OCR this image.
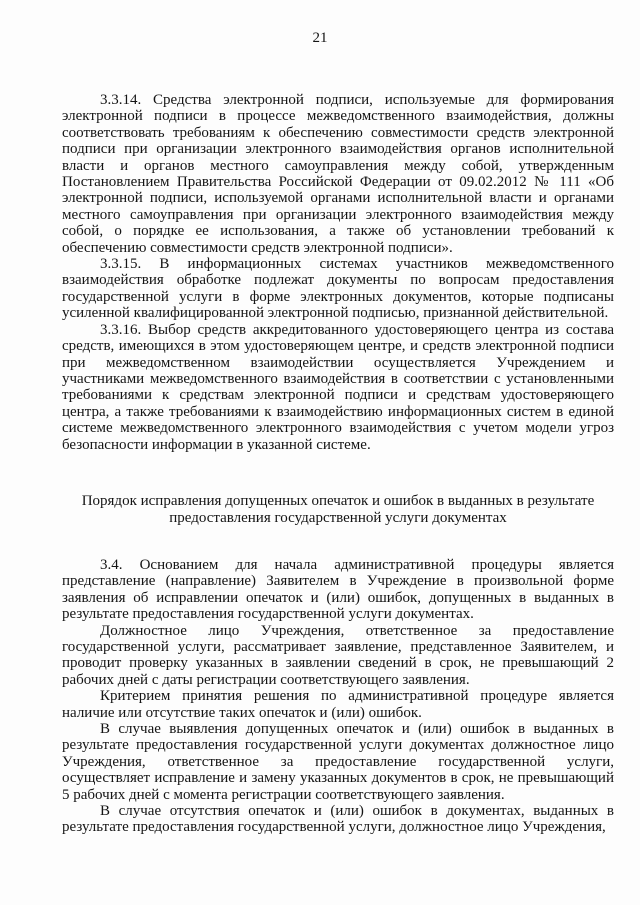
21

3.3.14. Средства электронной подписи, используемые для формирования электронной подписи в процессе межведомственного взаимодействия, должны соответствовать требованиям к обеспечению совместимости средств электронной подписи при организации электронного взаимодействия органов исполнительной власти и органов местного самоуправления между собой, утвержденным Постановлением Правительства Российской Федерации от 09.02.2012 № 111 «Об электронной подписи, используемой органами исполнительной власти и органами местного самоуправления при организации электронного взаимодействия между собой, о порядке ее использования, а также об установлении требований к обеспечению совместимости средств электронной подписи».

3.3.15. В информационных системах участников межведомственного взаимодействия обработке подлежат документы по вопросам предоставления государственной услуги в форме электронных документов, которые подписаны усиленной квалифицированной электронной подписью, признанной действительной.

3.3.16. Выбор средств аккредитованного удостоверяющего центра из состава средств, имеющихся в этом удостоверяющем центре, и средств электронной подписи при межведомственном взаимодействии осуществляется Учреждением и участниками межведомственного взаимодействия в соответствии с установленными требованиями к средствам электронной подписи и средствам удостоверяющего центра, а также требованиями к взаимодействию информационных систем в единой системе межведомственного электронного взаимодействия с учетом модели угроз безопасности информации в указанной системе.

Порядок исправления допущенных опечаток и ошибок в выданных в результате предоставления государственной услуги документах

3.4. Основанием для начала административной процедуры является представление (направление) Заявителем в Учреждение в произвольной форме заявления об исправлении опечаток и (или) ошибок, допущенных в выданных в результате предоставления государственной услуги документах.

Должностное лицо Учреждения, ответственное за предоставление государственной услуги, рассматривает заявление, представленное Заявителем, и проводит проверку указанных в заявлении сведений в срок, не превышающий 2 рабочих дней с даты регистрации соответствующего заявления.

Критерием принятия решения по административной процедуре является наличие или отсутствие таких опечаток и (или) ошибок.

В случае выявления допущенных опечаток и (или) ошибок в выданных в результате предоставления государственной услуги документах должностное лицо Учреждения, ответственное за предоставление государственной услуги, осуществляет исправление и замену указанных документов в срок, не превышающий 5 рабочих дней с момента регистрации соответствующего заявления.

В случае отсутствия опечаток и (или) ошибок в документах, выданных в результате предоставления государственной услуги, должностное лицо Учреждения,
